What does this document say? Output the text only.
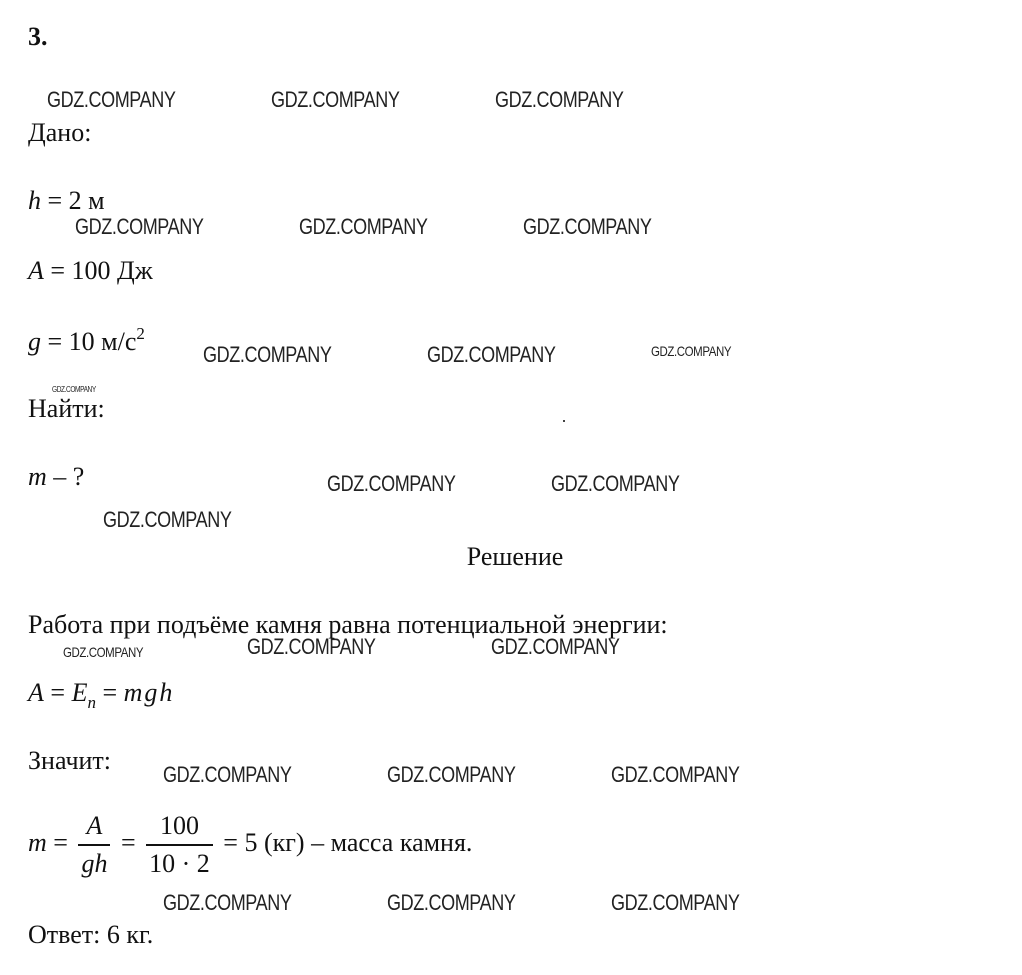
3.
Дано:
h = 2 м
A = 100 Дж
g = 10 $м/с^2$
Найти:
m – ?
Решение
Работа при подъёме камня равна потенциальной энергии:
$A = E_n$ = mgh
Значит:
$m = \frac{A}{gh} = \frac{100}{10 \cdot 2} = 5$ (кг) – масса камня.
Ответ: 6 кг.
GDZ.COMPANY	GDZ.COMPANY	GDZ.COMPANY
GDZ.COMPANY	GDZ.COMPANY	GDZ.COMPANY
GDZ.COMPANY	GDZ.COMPANY	GDZ.COMPANY
GDZ.COMPANY
GDZ.COMPANY	GDZ.COMPANY
GDZ.COMPANY
GDZ.COMPANY	GDZ.COMPANY	GDZ.COMPANY
GDZ.COMPANY	GDZ.COMPANY	GDZ.COMPANY
GDZ.COMPANY	GDZ.COMPANY	GDZ.COMPANY
